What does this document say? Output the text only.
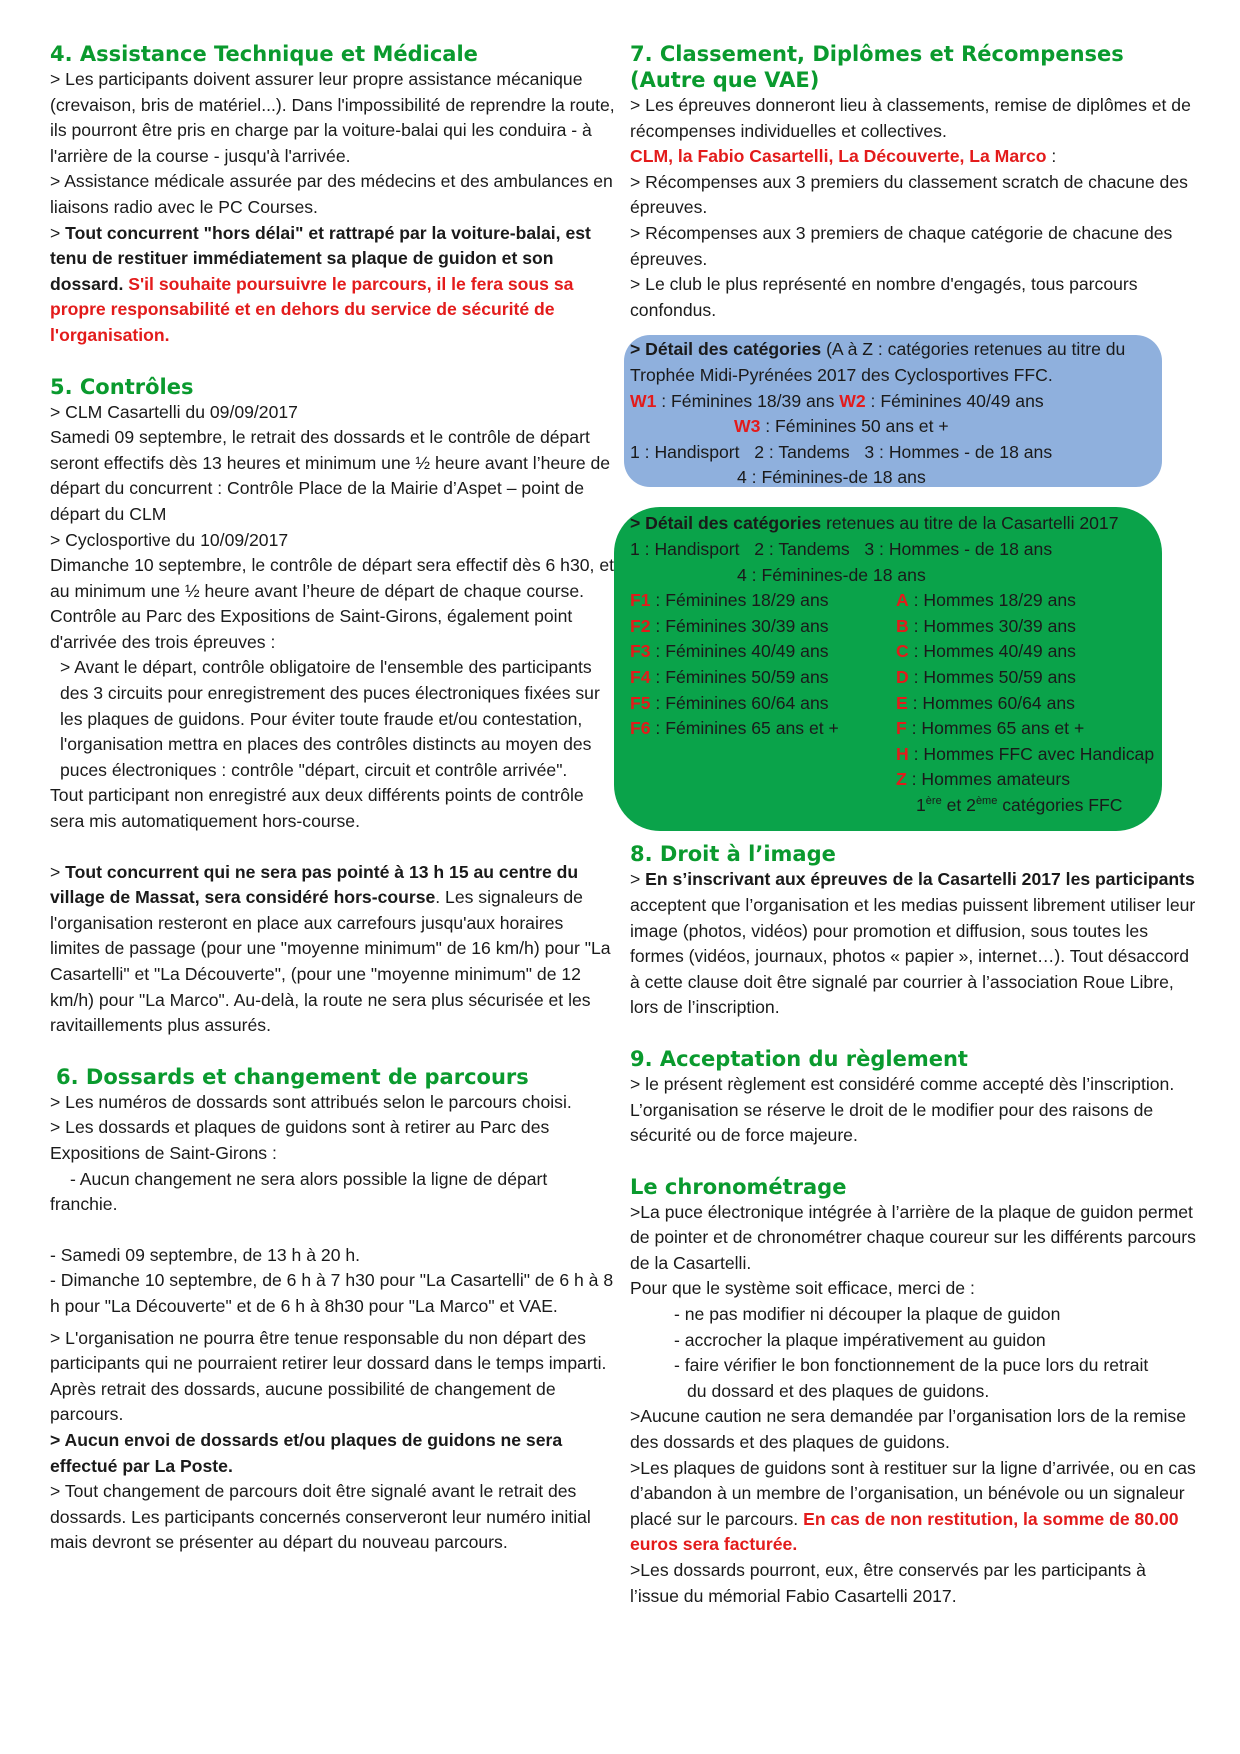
4. Assistance Technique et Médicale

> Les participants doivent assurer leur propre assistance mécanique (crevaison, bris de matériel...). Dans l'impossibilité de reprendre la route, ils pourront être pris en charge par la voiture-balai qui les conduira - à l'arrière de la course - jusqu'à l'arrivée.

> Assistance médicale assurée par des médecins et des ambulances en liaisons radio avec le PC Courses.

> Tout concurrent "hors délai" et rattrapé par la voiture-balai, est tenu de restituer immédiatement sa plaque de guidon et son dossard. S'il souhaite poursuivre le parcours, il le fera sous sa propre responsabilité et en dehors du service de sécurité de l'organisation.

5. Contrôles

> CLM Casartelli du 09/09/2017

Samedi 09 septembre, le retrait des dossards et le contrôle de départ seront effectifs dès 13 heures et minimum une ½ heure avant l’heure de départ du concurrent : Contrôle Place de la Mairie d’Aspet – point de départ du CLM

> Cyclosportive du 10/09/2017

Dimanche 10 septembre, le contrôle de départ sera effectif dès 6 h30, et au minimum une ½ heure avant l’heure de départ de chaque course.

Contrôle au Parc des Expositions de Saint-Girons, également point d'arrivée des trois épreuves :

> Avant le départ, contrôle obligatoire de l'ensemble des participants des 3 circuits pour enregistrement des puces électroniques fixées sur les plaques de guidons. Pour éviter toute fraude et/ou contestation, l'organisation mettra en places des contrôles distincts au moyen des puces électroniques : contrôle "départ, circuit et contrôle arrivée".

Tout participant non enregistré aux deux différents points de contrôle sera mis automatiquement hors-course.

> Tout concurrent qui ne sera pas pointé à 13 h 15 au centre du village de Massat, sera considéré hors-course. Les signaleurs de l'organisation resteront en place aux carrefours jusqu'aux horaires limites de passage (pour une "moyenne minimum" de 16 km/h) pour "La Casartelli" et "La Découverte", (pour une "moyenne minimum" de 12 km/h) pour "La Marco". Au-delà, la route ne sera plus sécurisée et les ravitaillements plus assurés.

6. Dossards et changement de parcours

> Les numéros de dossards sont attribués selon le parcours choisi.

> Les dossards et plaques de guidons sont à retirer au Parc des Expositions de Saint-Girons :

- Aucun changement ne sera alors possible la ligne de départ franchie.

- Samedi 09 septembre, de 13 h à 20 h.

- Dimanche 10 septembre, de 6 h à 7 h30 pour "La Casartelli" de 6 h à 8 h pour "La Découverte" et de 6 h à 8h30 pour "La Marco" et VAE.

> L'organisation ne pourra être tenue responsable du non départ des participants qui ne pourraient retirer leur dossard dans le temps imparti. Après retrait des dossards, aucune possibilité de changement de parcours.

> Aucun envoi de dossards et/ou plaques de guidons ne sera effectué par La Poste.

> Tout changement de parcours doit être signalé avant le retrait des dossards. Les participants concernés conserveront leur numéro initial mais devront se présenter au départ du nouveau parcours.

7. Classement, Diplômes et Récompenses
(Autre que VAE)

> Les épreuves donneront lieu à classements, remise de diplômes et de récompenses individuelles et collectives.

CLM, la Fabio Casartelli, La Découverte, La Marco :

> Récompenses aux 3 premiers du classement scratch de chacune des épreuves.

> Récompenses aux 3 premiers de chaque catégorie de chacune des épreuves.

> Le club le plus représenté en nombre d'engagés, tous parcours confondus.

> Détail des catégories (A à Z : catégories retenues au titre du Trophée Midi-Pyrénées 2017 des Cyclosportives FFC.

W1 : Féminines 18/39 ans W2 : Féminines 40/49 ans

W3 : Féminines 50 ans et +

1 : Handisport   2 : Tandems   3 : Hommes - de 18 ans

4 : Féminines-de 18 ans

> Détail des catégories retenues au titre de la Casartelli 2017

1 : Handisport   2 : Tandems   3 : Hommes - de 18 ans

4 : Féminines-de 18 ans

F1 : Féminines 18/29 ans	A : Hommes 18/29 ans
F2 : Féminines 30/39 ans	B : Hommes 30/39 ans
F3 : Féminines 40/49 ans	C : Hommes 40/49 ans
F4 : Féminines 50/59 ans	D : Hommes 50/59 ans
F5 : Féminines 60/64 ans	E : Hommes 60/64 ans
F6 : Féminines 65 ans et +	F : Hommes 65 ans et +

H : Hommes FFC avec Handicap

Z : Hommes amateurs

1ère et 2ème catégories FFC

8. Droit à l’image

> En s’inscrivant aux épreuves de la Casartelli 2017 les participants acceptent que l’organisation et les medias puissent librement utiliser leur image (photos, vidéos) pour promotion et diffusion, sous toutes les formes (vidéos, journaux, photos « papier », internet…). Tout désaccord à cette clause doit être signalé par courrier à l’association Roue Libre, lors de l’inscription.

9. Acceptation du règlement

> le présent règlement est considéré comme accepté dès l’inscription. L’organisation se réserve le droit de le modifier pour des raisons de sécurité ou de force majeure.

Le chronométrage

>La puce électronique intégrée à l’arrière de la plaque de guidon permet de pointer et de chronométrer chaque coureur sur les différents parcours de la Casartelli.

Pour que le système soit efficace, merci de :

- ne pas modifier ni découper la plaque de guidon

- accrocher la plaque impérativement au guidon

- faire vérifier le bon fonctionnement de la puce lors du retrait

du dossard et des plaques de guidons.

>Aucune caution ne sera demandée par l’organisation lors de la remise des dossards et des plaques de guidons.

>Les plaques de guidons sont à restituer sur la ligne d’arrivée, ou en cas d’abandon à un membre de l’organisation, un bénévole ou un signaleur placé sur le parcours. En cas de non restitution, la somme de 80.00 euros sera facturée.

>Les dossards pourront, eux, être conservés par les participants à l’issue du mémorial Fabio Casartelli 2017.
